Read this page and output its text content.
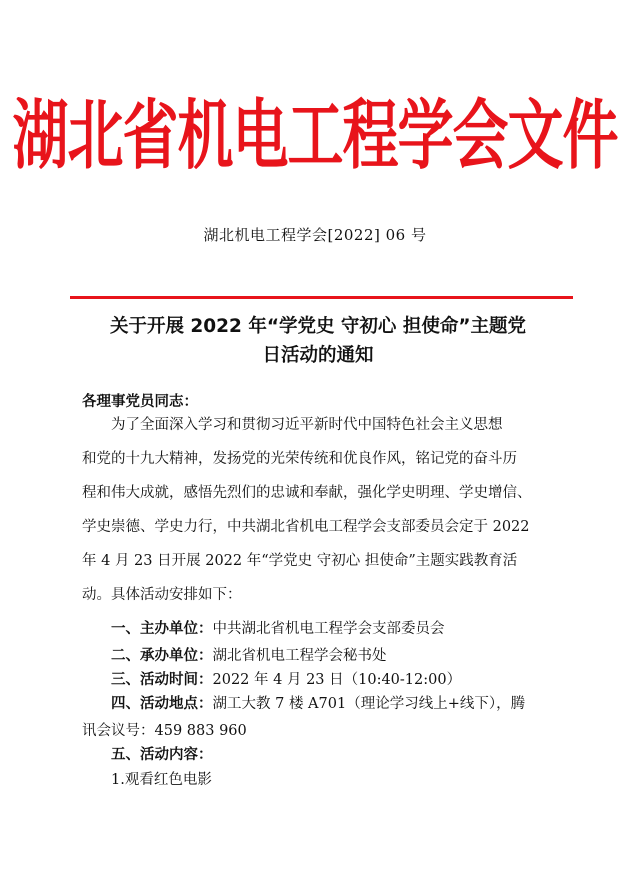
湖北省机电工程学会文件
湖北机电工程学会[2022] 06 号
关于开展 2022 年“学党史 守初心 担使命”主题党
日活动的通知
各理事党员同志：
为了全面深入学习和贯彻习近平新时代中国特色社会主义思想
和党的十九大精神，发扬党的光荣传统和优良作风，铭记党的奋斗历
程和伟大成就，感悟先烈们的忠诚和奉献，强化学史明理、学史增信、
学史崇德、学史力行，中共湖北省机电工程学会支部委员会定于 2022
年 4 月 23 日开展 2022 年“学党史 守初心 担使命”主题实践教育活
动。具体活动安排如下：
一、主办单位：中共湖北省机电工程学会支部委员会
二、承办单位：湖北省机电工程学会秘书处
三、活动时间：2022 年 4 月 23 日（10:40-12:00）
四、活动地点：湖工大教 7 楼 A701（理论学习线上+线下），腾
讯会议号：459 883 960
五、活动内容：
1.观看红色电影
